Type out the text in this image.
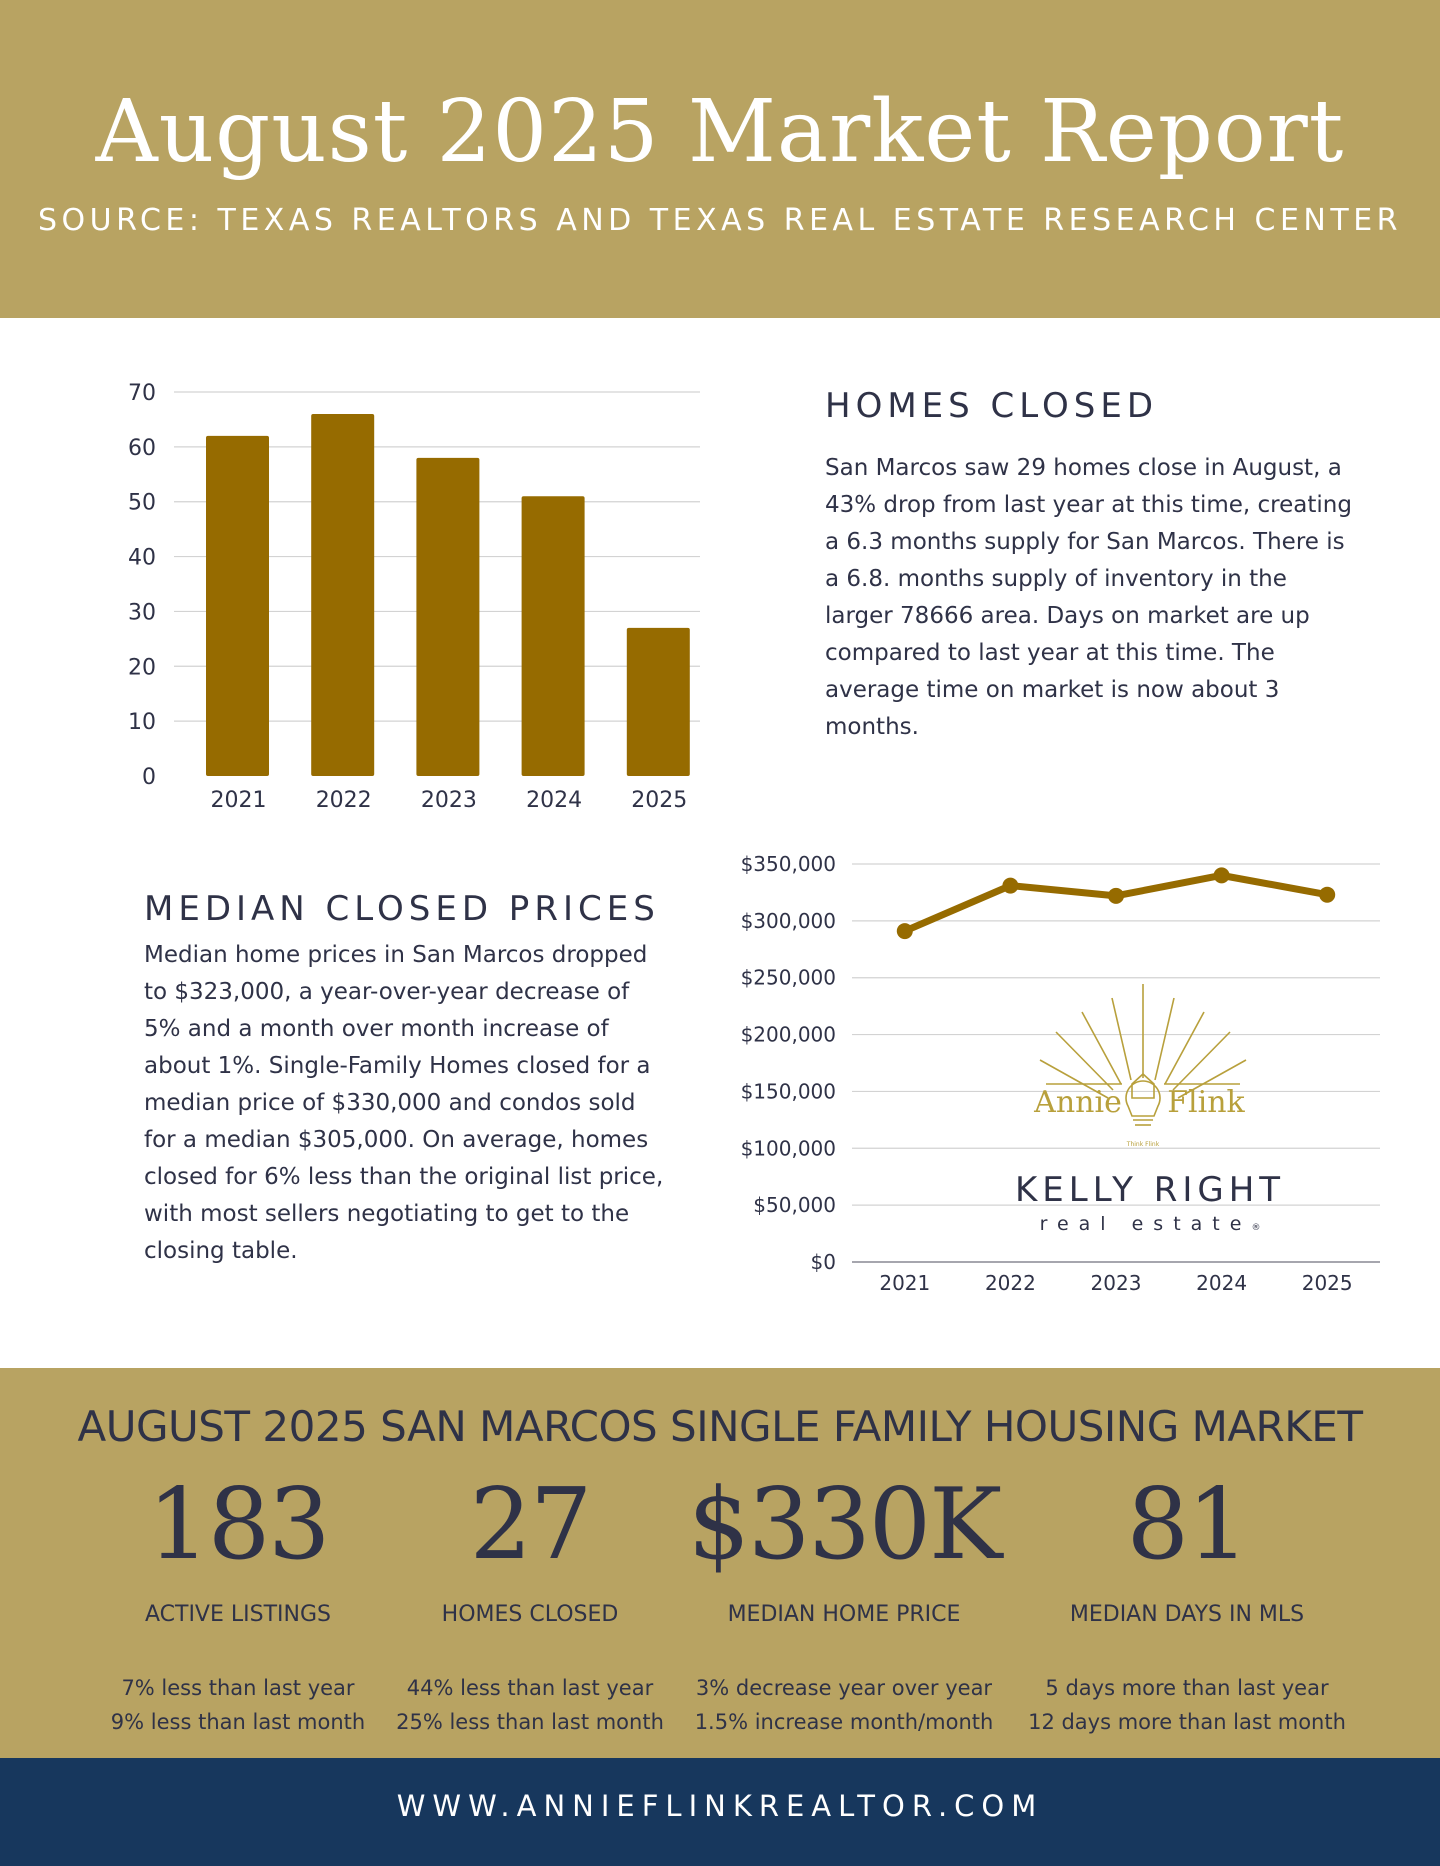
August 2025 Market Report
SOURCE: TEXAS REALTORS AND TEXAS REAL ESTATE RESEARCH CENTER
0
10
20
30
40
50
60
70
2021 2022 2023 2024 2025
HOMES CLOSED
San Marcos saw 29 homes close in August, a
43% drop from last year at this time, creating
a 6.3 months supply for San Marcos. There is
a 6.8. months supply of inventory in the
larger 78666 area. Days on market are up
compared to last year at this time. The
average time on market is now about 3
months.
MEDIAN CLOSED PRICES
Median home prices in San Marcos dropped
to $323,000, a year-over-year decrease of
5% and a month over month increase of
about 1%. Single-Family Homes closed for a
median price of $330,000 and condos sold
for a median $305,000. On average, homes
closed for 6% less than the original list price,
with most sellers negotiating to get to the
closing table.	$0
$50,000
$100,000
$150,000
$200,000
$250,000
$300,000
$350,000
2021	2022	2023	2024	2025
Annie Flink
Think Flink
KELLY RIGHT
real estate®
AUGUST 2025 SAN MARCOS SINGLE FAMILY HOUSING MARKET
183
ACTIVE LISTINGS
7% less than last year
9% less than last month
27
HOMES CLOSED
44% less than last year
25% less than last month
$330K
MEDIAN HOME PRICE
3% decrease year over year
1.5% increase month/month
81
MEDIAN DAYS IN MLS
5 days more than last year
12 days more than last month
WWW.ANNIEFLINKREALTOR.COM
